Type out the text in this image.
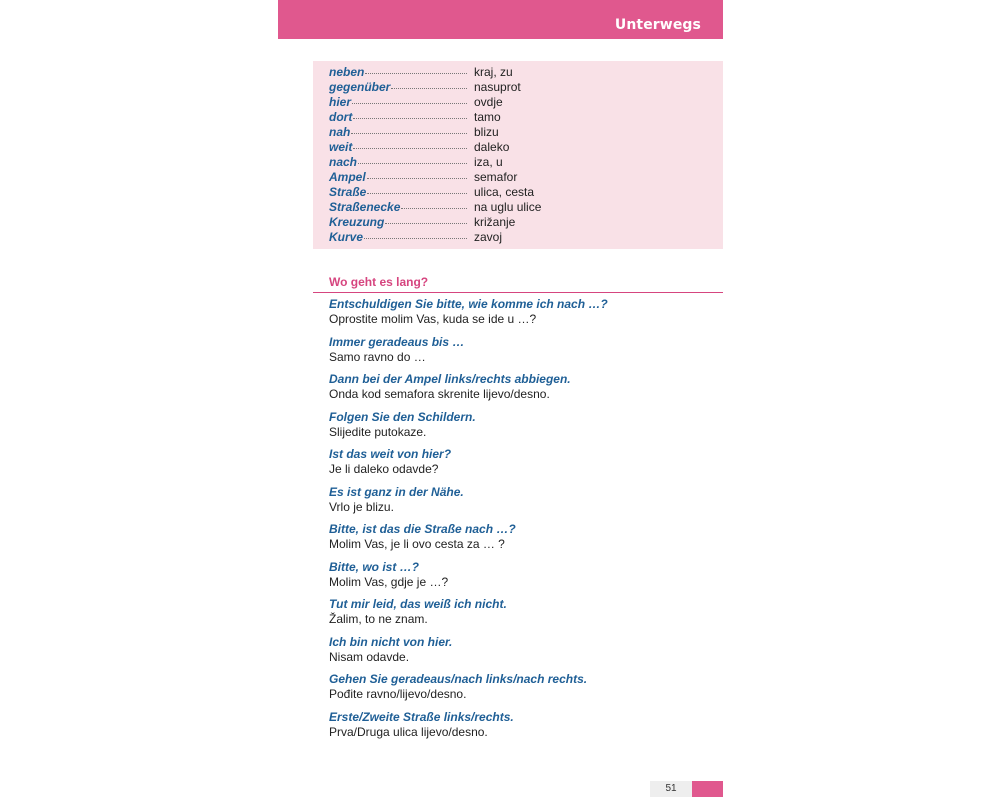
Unterwegs
neben	kraj, zu
gegenüber	nasuprot
hier	ovdje
dort	tamo
nah	blizu
weit	daleko
nach	iza, u
Ampel	semafor
Straße	ulica, cesta
Straßenecke	na uglu ulice
Kreuzung	križanje
Kurve	zavoj
Wo geht es lang?
Entschuldigen Sie bitte, wie komme ich nach …?
Oprostite molim Vas, kuda se ide u …?
Immer geradeaus bis …
Samo ravno do …
Dann bei der Ampel links/rechts abbiegen.
Onda kod semafora skrenite lijevo/desno.
Folgen Sie den Schildern.
Slijedite putokaze.
Ist das weit von hier?
Je li daleko odavde?
Es ist ganz in der Nähe.
Vrlo je blizu.
Bitte, ist das die Straße nach …?
Molim Vas, je li ovo cesta za … ?
Bitte, wo ist …?
Molim Vas, gdje je …?
Tut mir leid, das weiß ich nicht.
Žalim, to ne znam.
Ich bin nicht von hier.
Nisam odavde.
Gehen Sie geradeaus/nach links/nach rechts.
Pođite ravno/lijevo/desno.
Erste/Zweite Straße links/rechts.
Prva/Druga ulica lijevo/desno.
51
